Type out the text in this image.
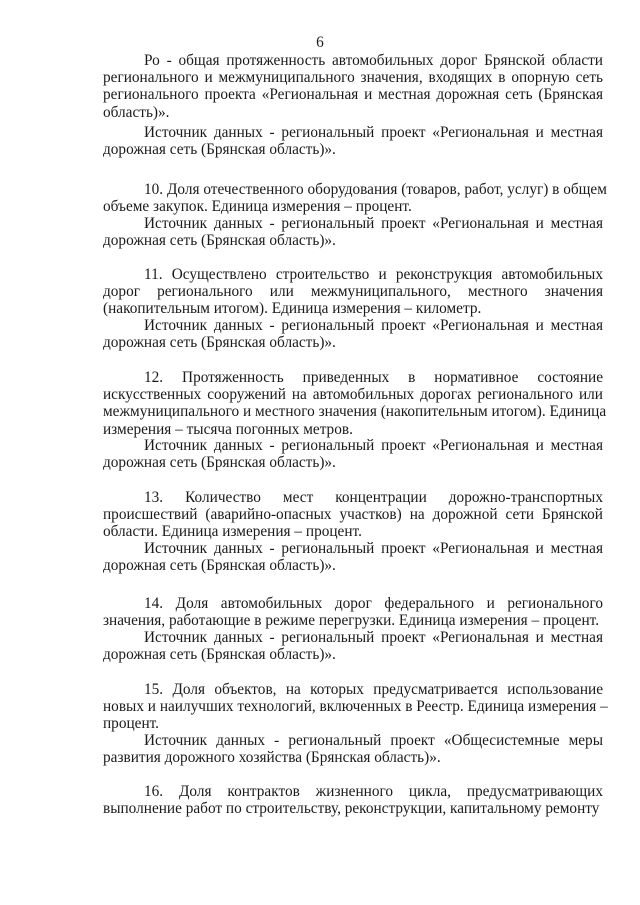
6
Ро - общая протяженность автомобильных дорог Брянской области
регионального и межмуниципального значения, входящих в опорную сеть
регионального проекта «Региональная и местная дорожная сеть (Брянская
область)».
Источник данных - региональный проект «Региональная и местная
дорожная сеть (Брянская область)».
10. Доля отечественного оборудования (товаров, работ, услуг) в общем
объеме закупок. Единица измерения – процент.
Источник данных - региональный проект «Региональная и местная
дорожная сеть (Брянская область)».
11. Осуществлено строительство и реконструкция автомобильных
дорог регионального или межмуниципального, местного значения
(накопительным итогом). Единица измерения – километр.
Источник данных - региональный проект «Региональная и местная
дорожная сеть (Брянская область)».
12. Протяженность приведенных в нормативное состояние
искусственных сооружений на автомобильных дорогах регионального или
межмуниципального и местного значения (накопительным итогом). Единица
измерения – тысяча погонных метров.
Источник данных - региональный проект «Региональная и местная
дорожная сеть (Брянская область)».
13. Количество мест концентрации дорожно-транспортных
происшествий (аварийно-опасных участков) на дорожной сети Брянской
области. Единица измерения – процент.
Источник данных - региональный проект «Региональная и местная
дорожная сеть (Брянская область)».
14. Доля автомобильных дорог федерального и регионального
значения, работающие в режиме перегрузки. Единица измерения – процент.
Источник данных - региональный проект «Региональная и местная
дорожная сеть (Брянская область)».
15. Доля объектов, на которых предусматривается использование
новых и наилучших технологий, включенных в Реестр. Единица измерения –
процент.
Источник данных - региональный проект «Общесистемные меры
развития дорожного хозяйства (Брянская область)».
16. Доля контрактов жизненного цикла, предусматривающих
выполнение работ по строительству, реконструкции, капитальному ремонту
